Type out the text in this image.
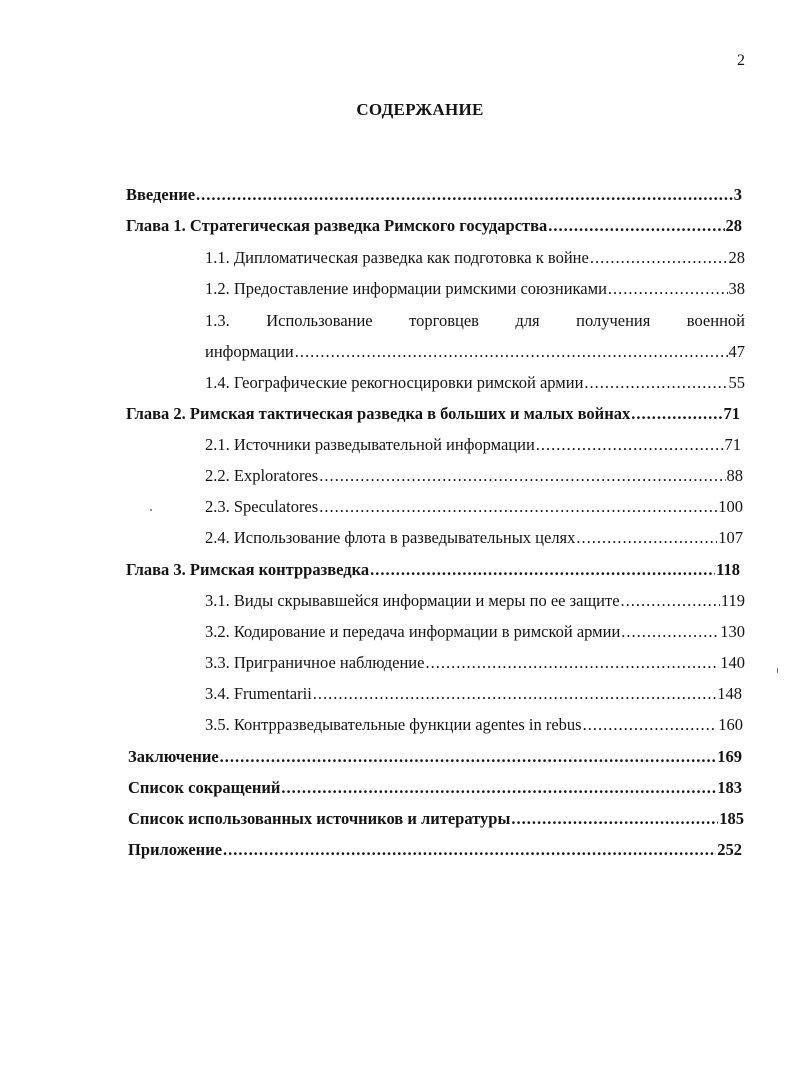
2
СОДЕРЖАНИЕ
Введение .....	3
Глава 1. Стратегическая разведка Римского государства .....	28
1.1. Дипломатическая разведка как подготовка к войне .....	28
1.2. Предоставление информации римскими союзниками .....	38
1.3. Использование торговцев для получения военной
информации .....	47
1.4. Географические рекогносцировки римской армии .....	55
Глава 2. Римская тактическая разведка в больших и малых войнах .....	71
2.1. Источники разведывательной информации .....	71
2.2. Exploratores .....	88
2.3. Speculatores .....	100
2.4. Использование флота в разведывательных целях .....	107
Глава 3. Римская контрразведка .....	118
3.1. Виды скрывавшейся информации и меры по ее защите .....	119
3.2. Кодирование и передача информации в римской армии .....	130
3.3. Приграничное наблюдение .....	140
3.4. Frumentarii .....	148
3.5. Контрразведывательные функции agentes in rebus .....	160
Заключение .....	169
Список сокращений .....	183
Список использованных источников и литературы .....	185
Приложение .....	252
